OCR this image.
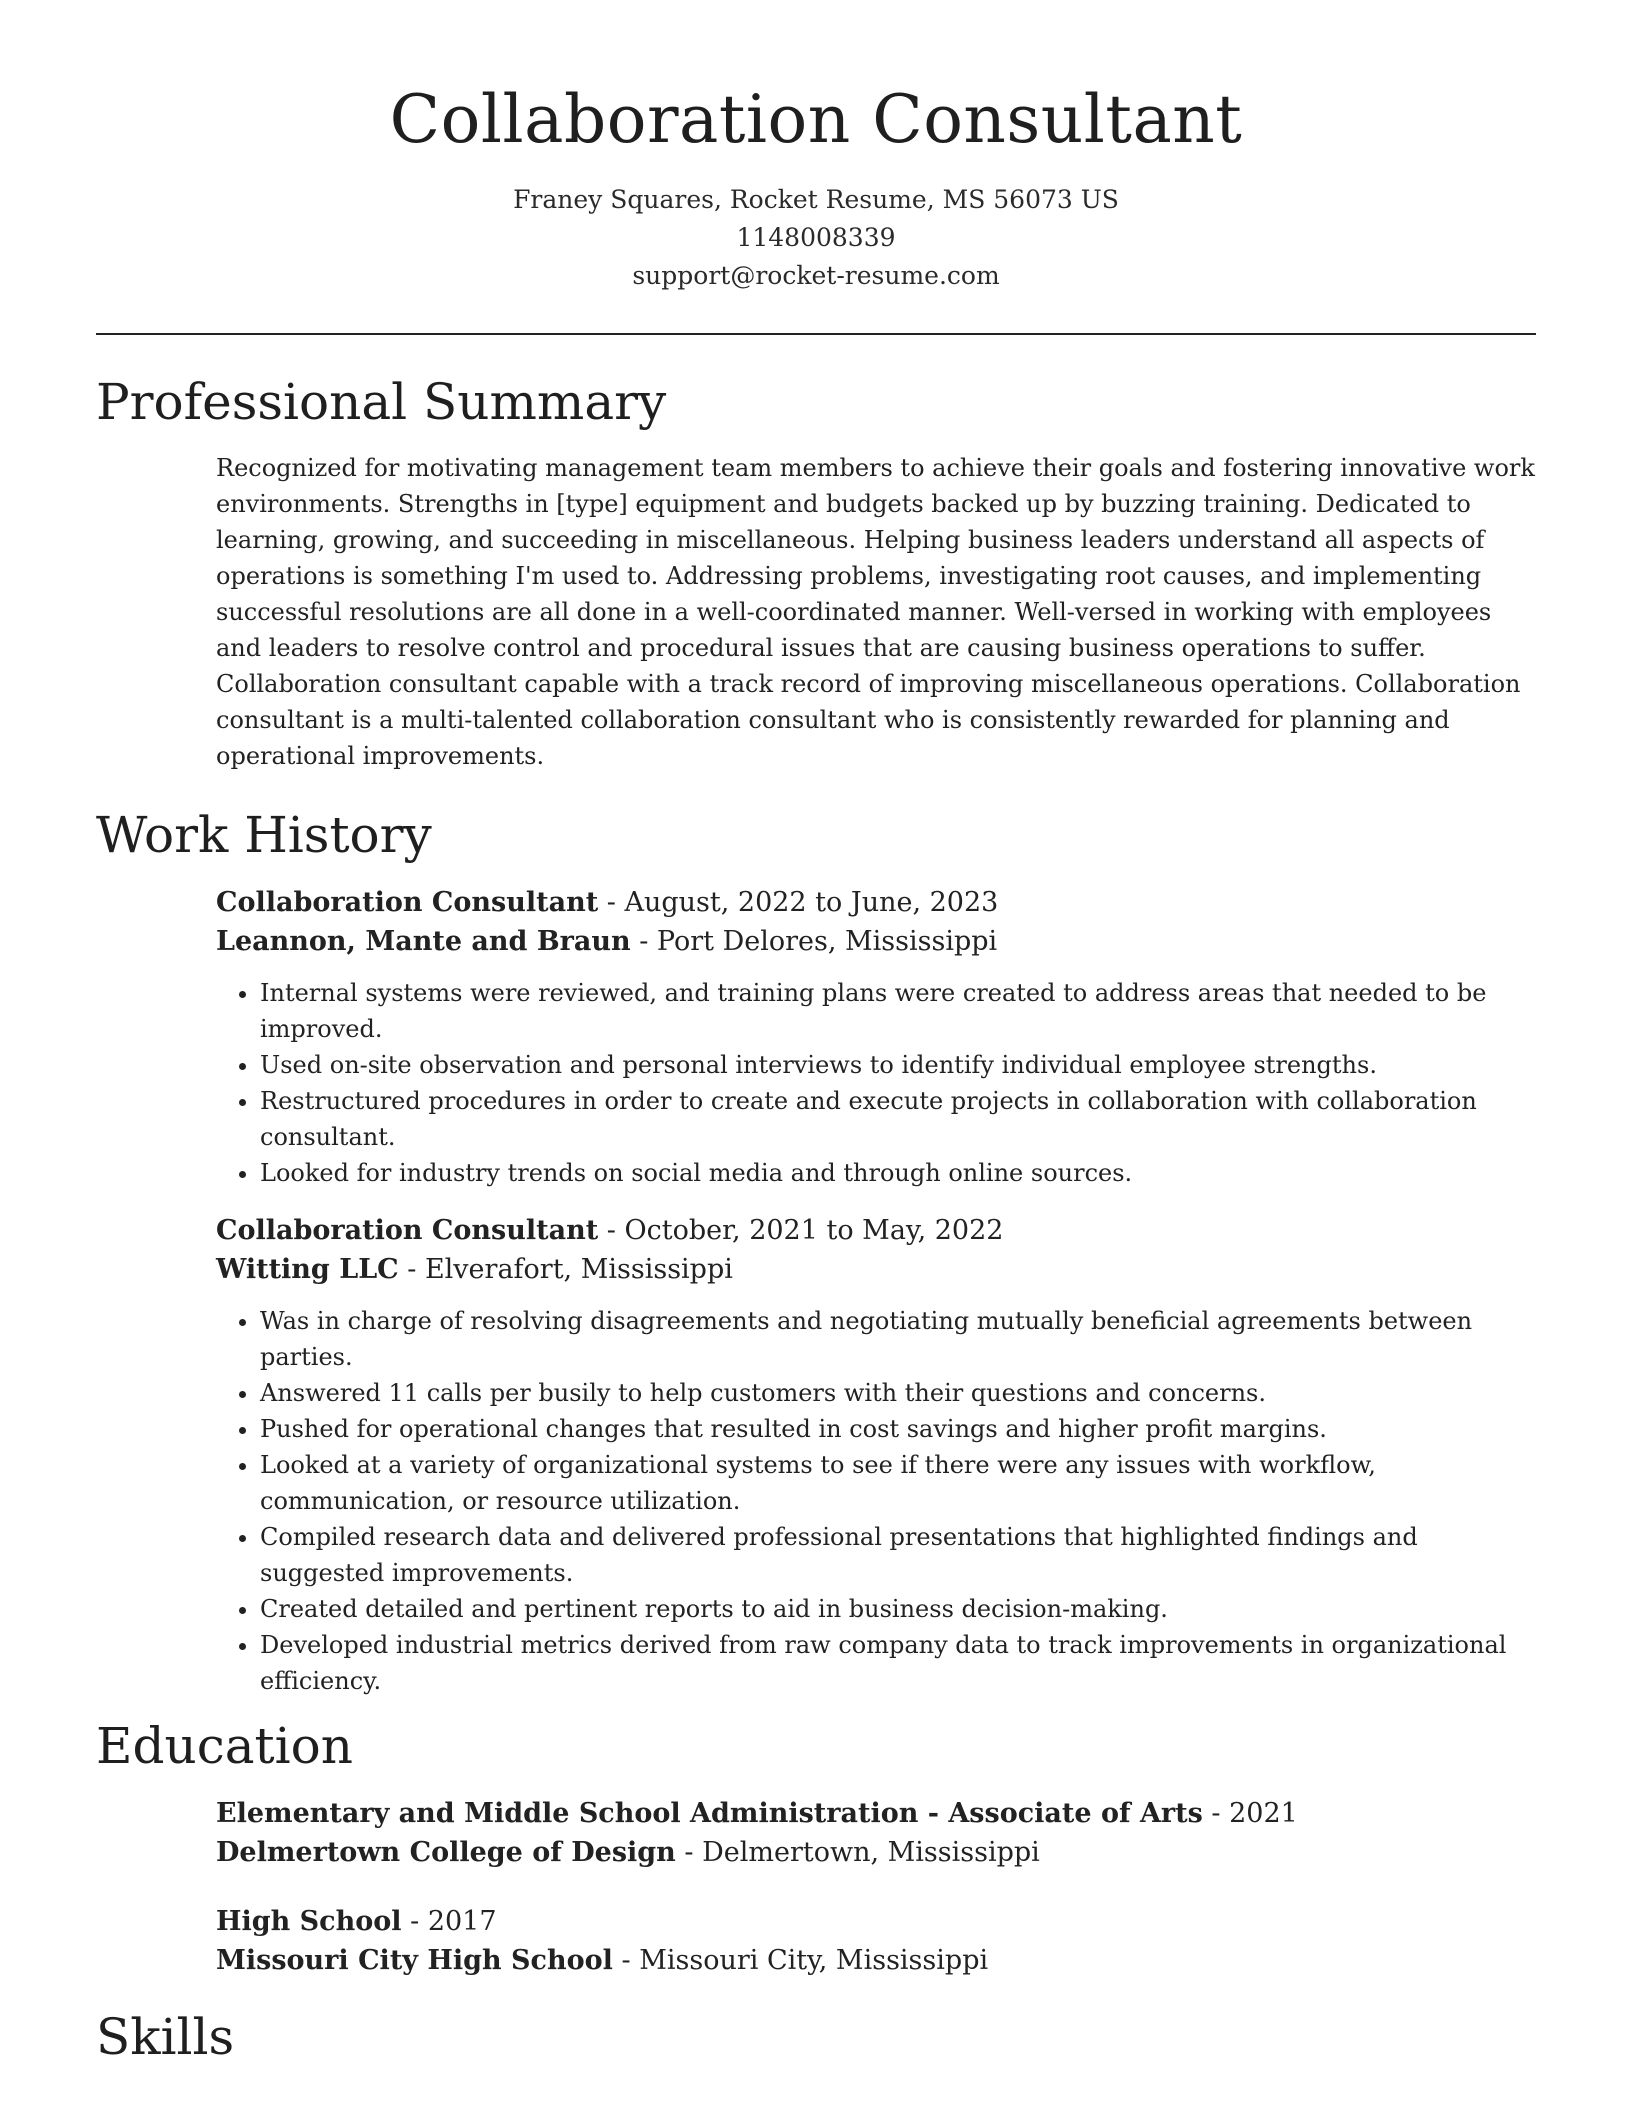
Collaboration Consultant
Franey Squares, Rocket Resume, MS 56073 US
1148008339
support@rocket-resume.com
Professional Summary

Recognized for motivating management team members to achieve their goals and fostering innovative work environments. Strengths in [type] equipment and budgets backed up by buzzing training. Dedicated to learning, growing, and succeeding in miscellaneous. Helping business leaders understand all aspects of operations is something I'm used to. Addressing problems, investigating root causes, and implementing successful resolutions are all done in a well-coordinated manner. Well-versed in working with employees and leaders to resolve control and procedural issues that are causing business operations to suffer. Collaboration consultant capable with a track record of improving miscellaneous operations. Collaboration consultant is a multi-talented collaboration consultant who is consistently rewarded for planning and operational improvements.

Work History
Collaboration Consultant - August, 2022 to June, 2023
Leannon, Mante and Braun - Port Delores, Mississippi
• Internal systems were reviewed, and training plans were created to address areas that needed to be improved.
• Used on-site observation and personal interviews to identify individual employee strengths.
• Restructured procedures in order to create and execute projects in collaboration with collaboration consultant.
• Looked for industry trends on social media and through online sources.
Collaboration Consultant - October, 2021 to May, 2022
Witting LLC - Elverafort, Mississippi
• Was in charge of resolving disagreements and negotiating mutually beneficial agreements between parties.
• Answered 11 calls per busily to help customers with their questions and concerns.
• Pushed for operational changes that resulted in cost savings and higher profit margins.
• Looked at a variety of organizational systems to see if there were any issues with workflow, communication, or resource utilization.
• Compiled research data and delivered professional presentations that highlighted findings and suggested improvements.
• Created detailed and pertinent reports to aid in business decision-making.
• Developed industrial metrics derived from raw company data to track improvements in organizational efficiency.
Education
Elementary and Middle School Administration - Associate of Arts - 2021
Delmertown College of Design - Delmertown, Mississippi
High School - 2017
Missouri City High School - Missouri City, Mississippi
Skills
